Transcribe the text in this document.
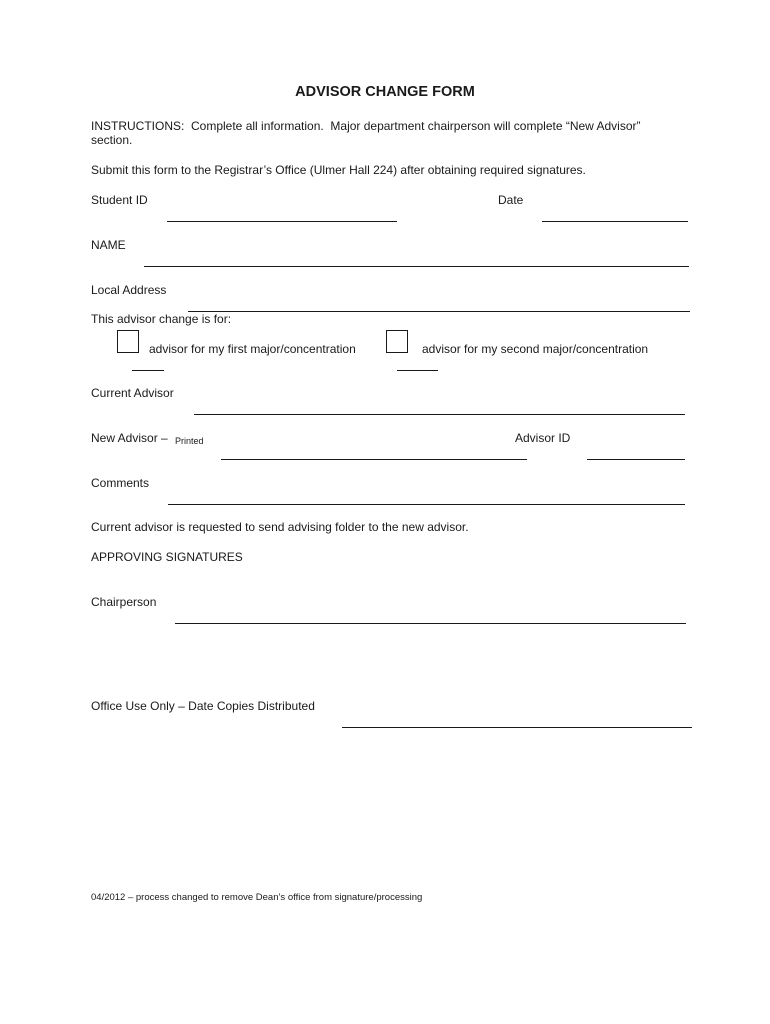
ADVISOR CHANGE FORM
INSTRUCTIONS:  Complete all information.  Major department chairperson will complete “New Advisor”
section.
Submit this form to the Registrar’s Office (Ulmer Hall 224) after obtaining required signatures.
Student ID

	Date

NAME

Local Address

This advisor change is for:

advisor for my first major/concentration

	advisor for my second major/concentration
Current Advisor

New Advisor – Printed

	Advisor ID

Comments

Current advisor is requested to send advising folder to the new advisor.
APPROVING SIGNATURES
Chairperson

Office Use Only – Date Copies Distributed

04/2012 – process changed to remove Dean’s office from signature/processing
